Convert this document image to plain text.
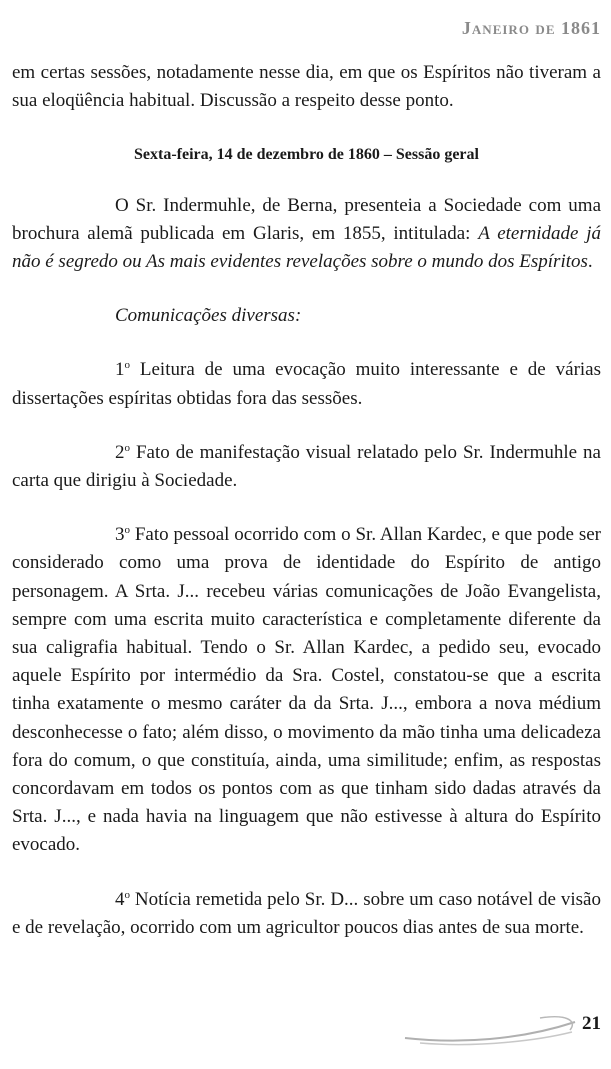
Janeiro de 1861

em certas sessões, notadamente nesse dia, em que os Espíritos não tiveram a sua eloqüência habitual. Discussão a respeito desse ponto.

Sexta-feira, 14 de dezembro de 1860 – Sessão geral

O Sr. Indermuhle, de Berna, presenteia a Sociedade com uma brochura alemã publicada em Glaris, em 1855, intitulada: A eternidade já não é segredo ou As mais evidentes revelações sobre o mundo dos Espíritos.

Comunicações diversas:

1$^o$ Leitura de uma evocação muito interessante e de várias dissertações espíritas obtidas fora das sessões.

2$^o$ Fato de manifestação visual relatado pelo Sr. Indermuhle na carta que dirigiu à Sociedade.

3$^o$ Fato pessoal ocorrido com o Sr. Allan Kardec, e que pode ser considerado como uma prova de identidade do Espírito de antigo personagem. A Srta. J... recebeu várias comunicações de João Evangelista, sempre com uma escrita muito característica e completamente diferente da sua caligrafia habitual. Tendo o Sr. Allan Kardec, a pedido seu, evocado aquele Espírito por intermédio da Sra. Costel, constatou-se que a escrita tinha exatamente o mesmo caráter da da Srta. J..., embora a nova médium desconhecesse o fato; além disso, o movimento da mão tinha uma delicadeza fora do comum, o que constituía, ainda, uma similitude; enfim, as respostas concordavam em todos os pontos com as que tinham sido dadas através da Srta. J..., e nada havia na linguagem que não estivesse à altura do Espírito evocado.

4$^o$ Notícia remetida pelo Sr. D... sobre um caso notável de visão e de revelação, ocorrido com um agricultor poucos dias antes de sua morte.

21
